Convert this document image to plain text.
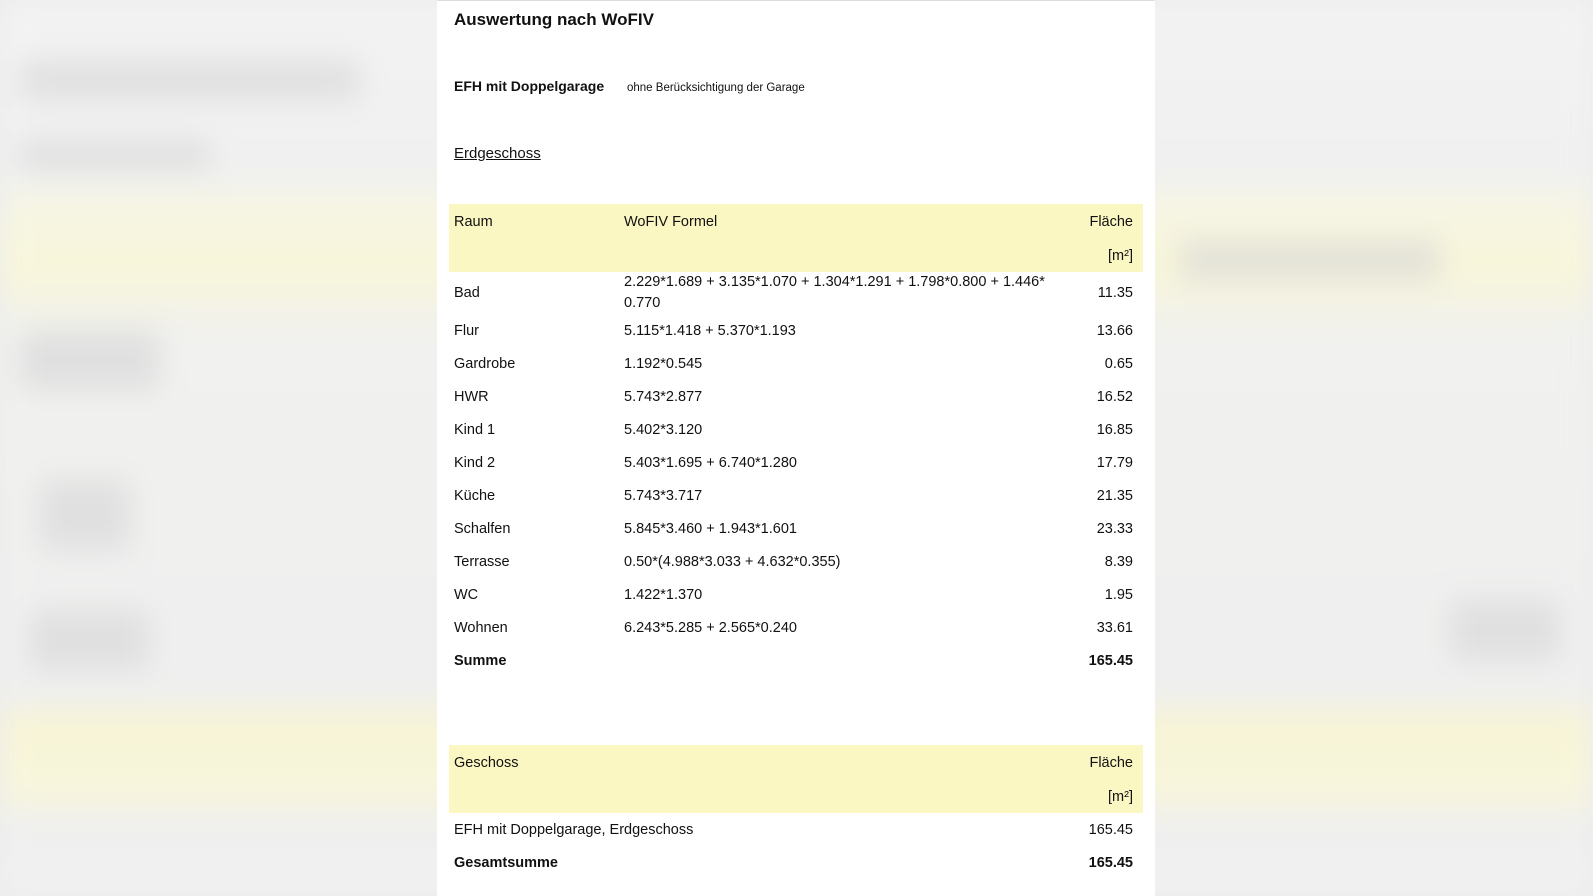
Auswertung nach WoFIV
EFH mit Doppelgarage ohne Berücksichtigung der Garage
Erdgeschoss
Raum	WoFIV Formel	Fläche
		[m²]
Bad	2.229*1.689 + 3.135*1.070 + 1.304*1.291 + 1.798*0.800 + 1.446*
0.770	11.35
Flur	5.115*1.418 + 5.370*1.193	13.66
Gardrobe	1.192*0.545	0.65
HWR	5.743*2.877	16.52
Kind 1	5.402*3.120	16.85
Kind 2	5.403*1.695 + 6.740*1.280	17.79
Küche	5.743*3.717	21.35
Schalfen	5.845*3.460 + 1.943*1.601	23.33
Terrasse	0.50*(4.988*3.033 + 4.632*0.355)	8.39
WC	1.422*1.370	1.95
Wohnen	6.243*5.285 + 2.565*0.240	33.61
Summe		165.45
Geschoss	Fläche
	[m²]
EFH mit Doppelgarage, Erdgeschoss	165.45
Gesamtsumme	165.45
